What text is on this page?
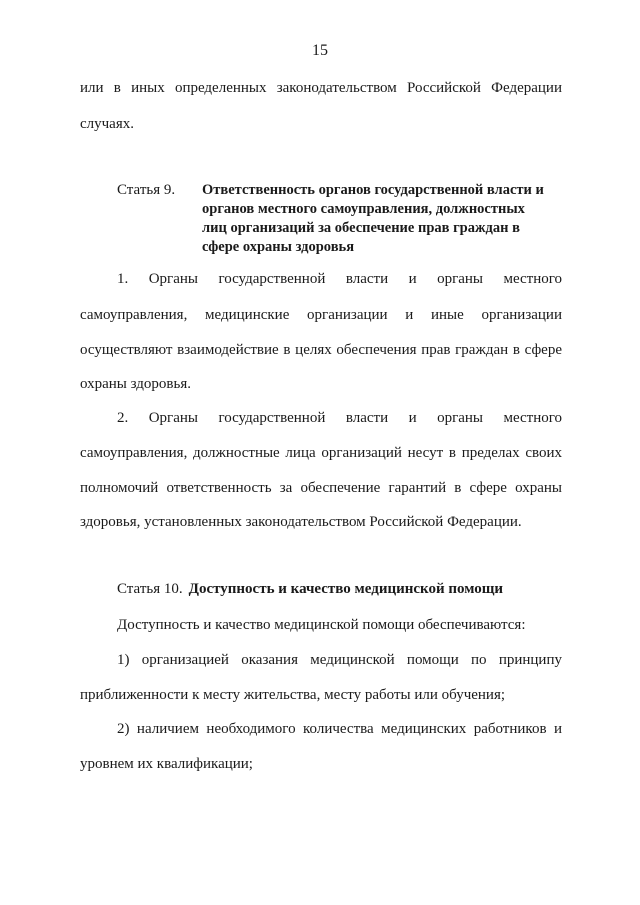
15
или в иных определенных законодательством Российской Федерации
случаях.
Статья 9. Ответственность органов государственной власти и
органов местного самоуправления, должностных
лиц организаций за обеспечение прав граждан в
сфере охраны здоровья
1. Органы государственной власти и органы местного
самоуправления, медицинские организации и иные организации
осуществляют взаимодействие в целях обеспечения прав граждан в сфере
охраны здоровья.
2. Органы государственной власти и органы местного
самоуправления, должностные лица организаций несут в пределах своих
полномочий ответственность за обеспечение гарантий в сфере охраны
здоровья, установленных законодательством Российской Федерации.
Статья 10. Доступность и качество медицинской помощи
Доступность и качество медицинской помощи обеспечиваются:
1) организацией оказания медицинской помощи по принципу
приближенности к месту жительства, месту работы или обучения;
2) наличием необходимого количества медицинских работников и
уровнем их квалификации;
